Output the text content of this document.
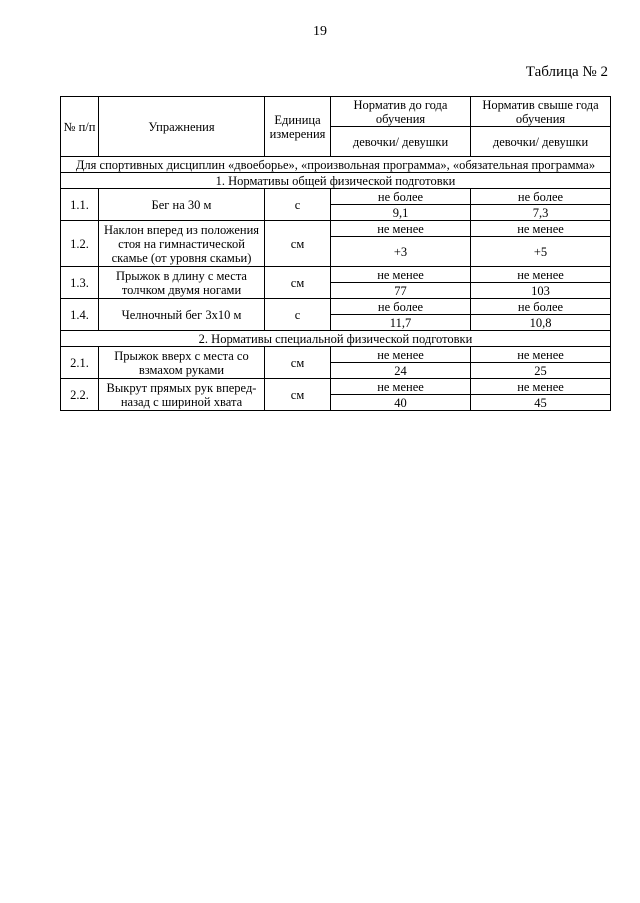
19
Таблица № 2
№ п/п	Упражнения	Единица измерения	Норматив до года обучения	Норматив свыше года обучения
			девочки/ девушки	девочки/ девушки
Для спортивных дисциплин «двоеборье», «произвольная программа», «обязательная программа»				
1. Нормативы общей физической подготовки				
1.1.	Бег на 30 м	с	не более	не более
			9,1	7,3
1.2.	Наклон вперед из положения стоя на гимнастической скамье (от уровня скамьи)	см	не менее	не менее
			+3	+5
1.3.	Прыжок в длину с места толчком двумя ногами	см	не менее	не менее
			77	103
1.4.	Челночный бег 3х10 м	с	не более	не более
			11,7	10,8
2. Нормативы специальной физической подготовки				
2.1.	Прыжок вверх с места со взмахом руками	см	не менее	не менее
			24	25
2.2.	Выкрут прямых рук вперед-назад с шириной хвата	см	не менее	не менее
			40	45
